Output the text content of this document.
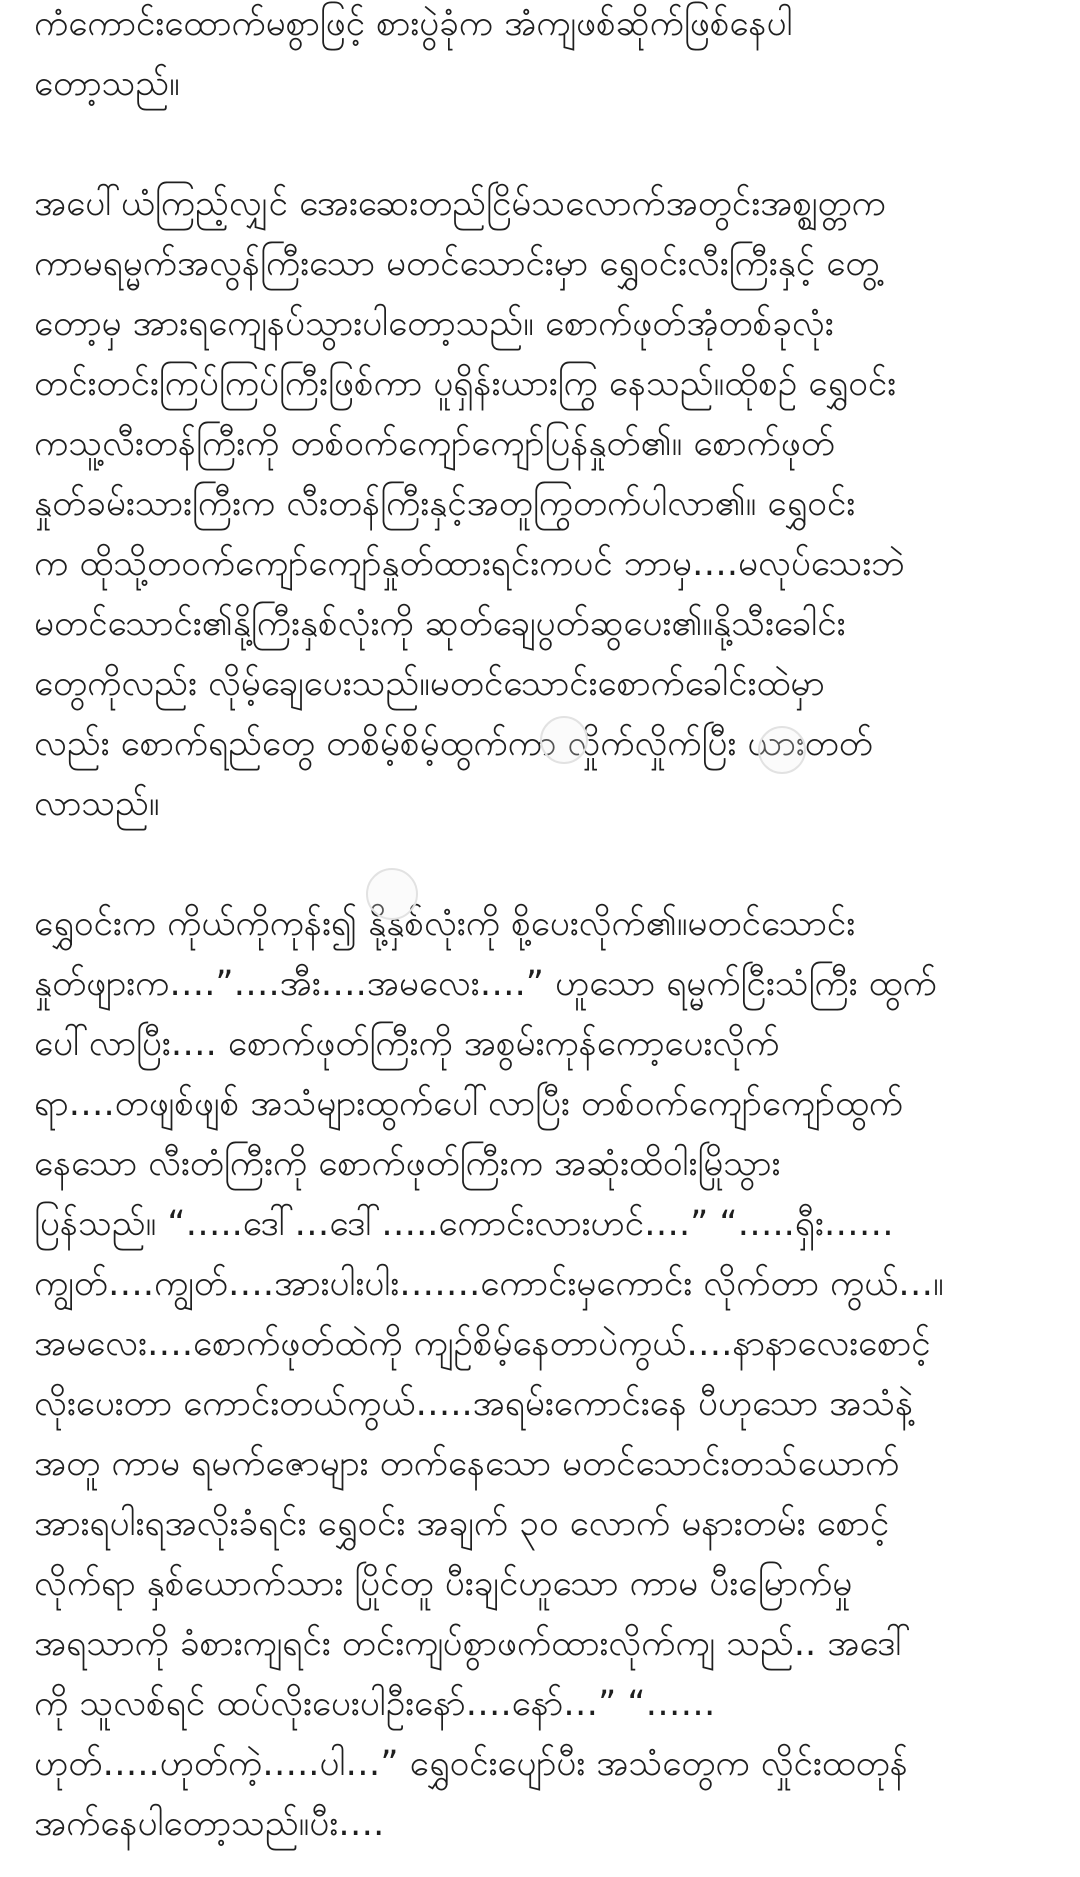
ကံကောင်းထောက်မစွာဖြင့် စားပွဲခုံက အံကျဖစ်ဆိုက်ဖြစ်နေပါ
တော့သည်။

အပေါ်ယံကြည့်လျှင် အေးဆေးတည်ငြိမ်သလောက်အတွင်းအစ္ဈတ္တက
ကာမရမ္မက်အလွန်ကြီးသော မတင်သောင်းမှာ ရွှေဝင်းလီးကြီးနှင့် တွေ့
တော့မှ အားရကျေနပ်သွားပါတော့သည်။ စောက်ဖုတ်အုံတစ်ခုလုံး
တင်းတင်းကြပ်ကြပ်ကြီးဖြစ်ကာ ပူရှိန်းယားကြွ နေသည်။ထိုစဉ် ရွှေဝင်း
ကသူ့လီးတန်ကြီးကို တစ်ဝက်ကျော်ကျော်ပြန်နှုတ်၏။ စောက်ဖုတ်
နှုတ်ခမ်းသားကြီးက လီးတန်ကြီးနှင့်အတူကြွတက်ပါလာ၏။ ရွှေဝင်း
က ထိုသို့တဝက်ကျော်ကျော်နှုတ်ထားရင်းကပင် ဘာမှ….မလုပ်သေးဘဲ
မတင်သောင်း၏နို့ကြီးနှစ်လုံးကို ဆုတ်ချေပွတ်ဆွပေး၏။နို့သီးခေါင်း
တွေကိုလည်း လိုမ့်ချေပေးသည်။မတင်သောင်းစောက်ခေါင်းထဲမှာ
လည်း စောက်ရည်တွေ တစိမ့်စိမ့်ထွက်ကာ လှိုက်လှိုက်ပြီး ယားတတ်
လာသည်။

ရွှေဝင်းက ကိုယ်ကိုကုန်း၍ နို့နှစ်လုံးကို စို့ပေးလိုက်၏။မတင်သောင်း
နှုတ်ဖျားက….”….အီး….အမလေး….” ဟူသော ရမ္မက်ငြီးသံကြီး ထွက်
ပေါ်လာပြီး…. စောက်ဖုတ်ကြီးကို အစွမ်းကုန်ကော့ပေးလိုက်
ရာ….တဖျစ်ဖျစ် အသံများထွက်ပေါ်လာပြီး တစ်ဝက်ကျော်ကျော်ထွက်
နေသော လီးတံကြီးကို စောက်ဖုတ်ကြီးက အဆုံးထိဝါးမြိုသွား
ပြန်သည်။ “…..ဒေါ်…ဒေါ်…..ကောင်းလားဟင်….” “…..ရှီး……
ကျွတ်….ကျွတ်….အားပါးပါး…….ကောင်းမှကောင်း လိုက်တာ ကွယ်…။
အမလေး….စောက်ဖုတ်ထဲကို ကျဉ်စိမ့်နေတာပဲကွယ်….နာနာလေးစောင့်
လိုးပေးတာ ကောင်းတယ်ကွယ်…..အရမ်းကောင်းနေ ပီဟုသော အသံနဲ့
အတူ ကာမ ရမက်ဇောများ တက်နေသော မတင်သောင်းတသ်ယောက်
အားရပါးရအလိုးခံရင်း ရွှေဝင်း အချက် ၃၀ လောက် မနားတမ်း စောင့်
လိုက်ရာ နှစ်ယောက်သား ပြိုင်တူ ပီးချင်ဟူသော ကာမ ပီးမြောက်မှု
အရသာကို ခံစားကျရင်း တင်းကျပ်စွာဖက်ထားလိုက်ကျ သည်.. အဒေါ်
ကို သူလစ်ရင် ထပ်လိုးပေးပါဦးနော်….နော်…” “……
ဟုတ်…..ဟုတ်ကဲ့…..ပါ…” ရွှေဝင်းပျော်ပီး အသံတွေက လှိုင်းထတုန်
အက်နေပါတော့သည်။ပီး….
